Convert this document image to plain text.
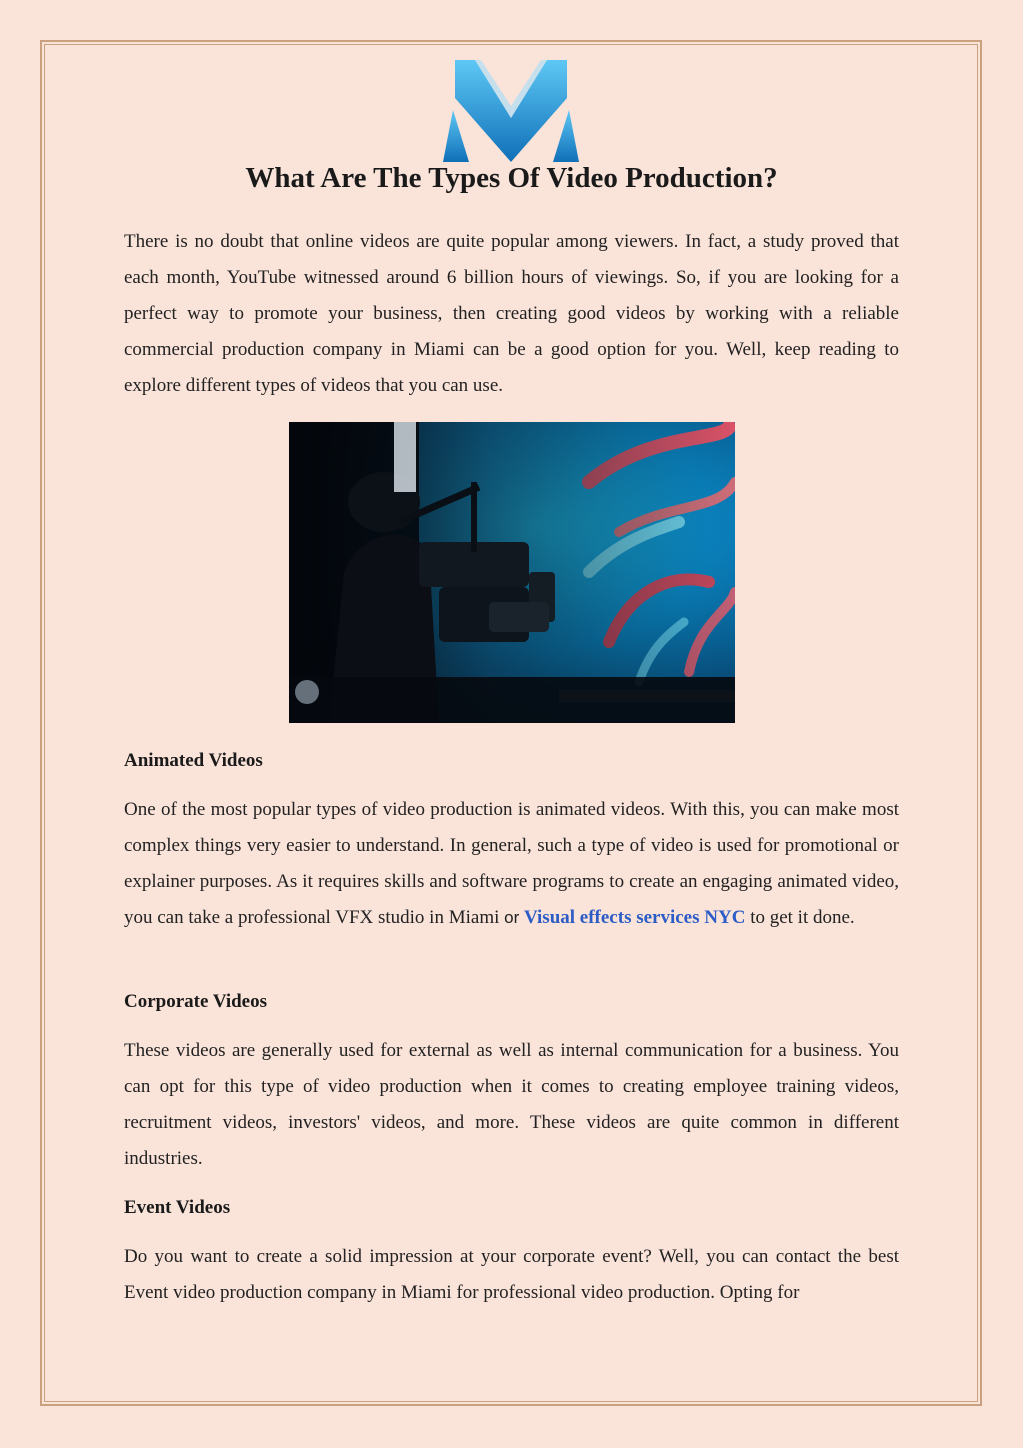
What Are The Types Of Video Production?

There is no doubt that online videos are quite popular among viewers. In fact, a study proved that each month, YouTube witnessed around 6 billion hours of viewings. So, if you are looking for a perfect way to promote your business, then creating good videos by working with a reliable commercial production company in Miami can be a good option for you. Well, keep reading to explore different types of videos that you can use.

Animated Videos

One of the most popular types of video production is animated videos. With this, you can make most complex things very easier to understand. In general, such a type of video is used for promotional or explainer purposes. As it requires skills and software programs to create an engaging animated video, you can take a professional VFX studio in Miami or Visual effects services NYC to get it done.

Corporate Videos

These videos are generally used for external as well as internal communication for a business. You can opt for this type of video production when it comes to creating employee training videos, recruitment videos, investors' videos, and more. These videos are quite common in different industries.

Event Videos

Do you want to create a solid impression at your corporate event? Well, you can contact the best Event video production company in Miami for professional video production. Opting for
